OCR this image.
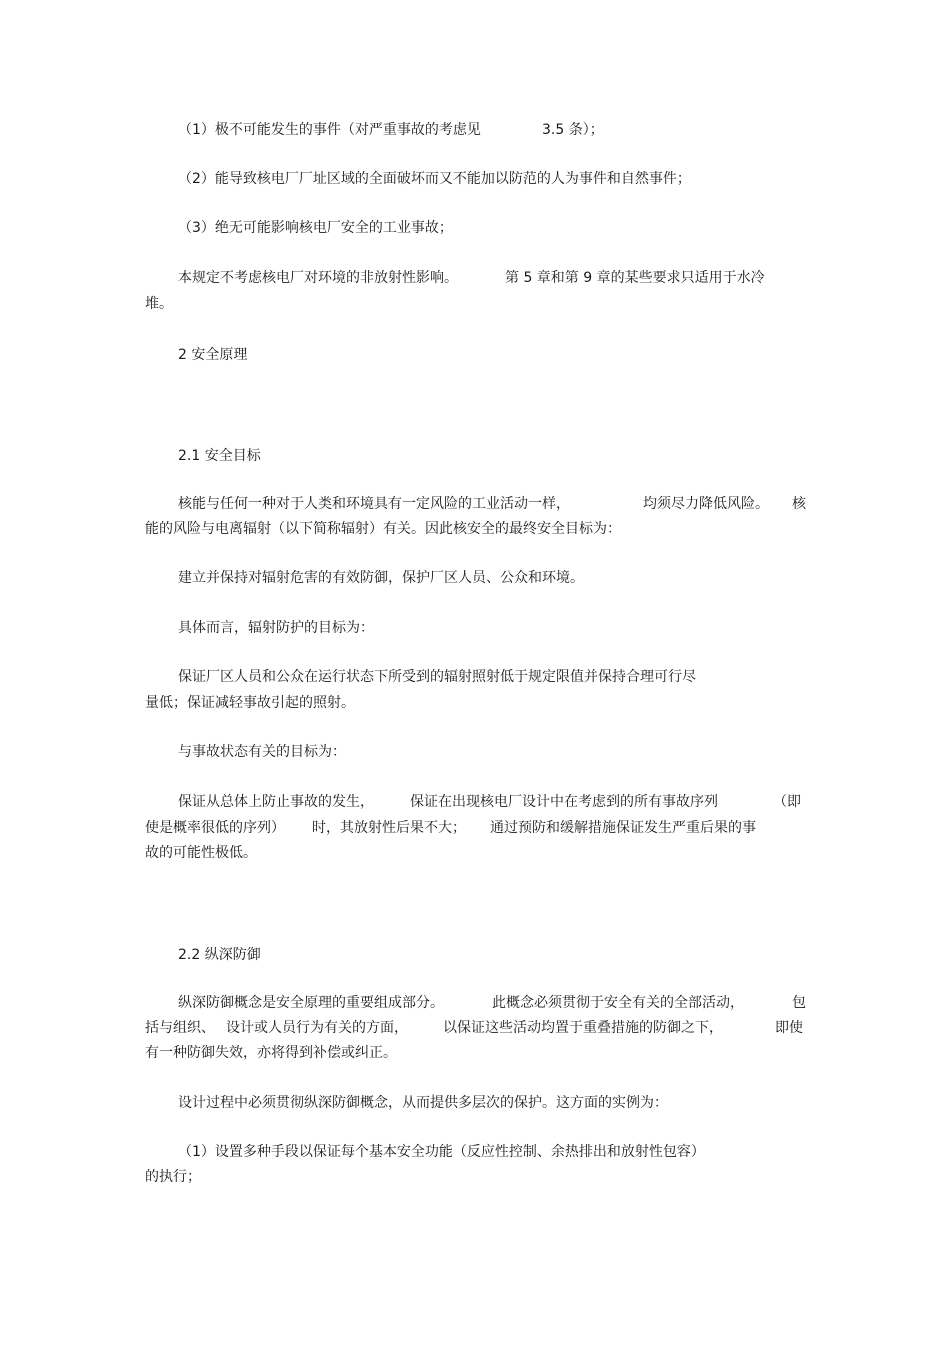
（1）极不可能发生的事件（对严重事故的考虑见	3.5 条）；
（2）能导致核电厂厂址区域的全面破坏而又不能加以防范的人为事件和自然事件；
（3）绝无可能影响核电厂安全的工业事故；
本规定不考虑核电厂对环境的非放射性影响。	第 5 章和第 9 章的某些要求只适用于水冷
堆。
2 安全原理
2.1 安全目标
核能与任何一种对于人类和环境具有一定风险的工业活动一样，	均须尽力降低风险。 核
能的风险与电离辐射（以下简称辐射）有关。因此核安全的最终安全目标为：
建立并保持对辐射危害的有效防御，保护厂区人员、公众和环境。
具体而言，辐射防护的目标为：
保证厂区人员和公众在运行状态下所受到的辐射照射低于规定限值并保持合理可行尽
量低；保证减轻事故引起的照射。
与事故状态有关的目标为：
保证从总体上防止事故的发生，	保证在出现核电厂设计中在考虑到的所有事故序列	（即
使是概率很低的序列） 时，其放射性后果不大； 通过预防和缓解措施保证发生严重后果的事
故的可能性极低。
2.2 纵深防御
纵深防御概念是安全原理的重要组成部分。	此概念必须贯彻于安全有关的全部活动，	包
括与组织、 设计或人员行为有关的方面，	以保证这些活动均置于重叠措施的防御之下，	即使
有一种防御失效，亦将得到补偿或纠正。
设计过程中必须贯彻纵深防御概念，从而提供多层次的保护。这方面的实例为：
（1）设置多种手段以保证每个基本安全功能（反应性控制、余热排出和放射性包容）
的执行；
